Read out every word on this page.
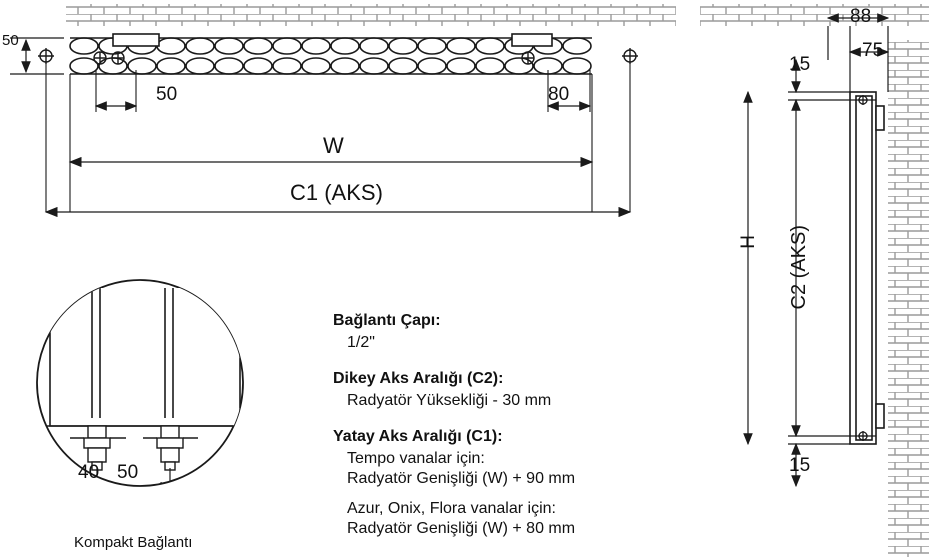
50
50	80
W
C1 (AKS)
88
75
15
H C2 (AKS)
15
40 50
Kompakt Bağlantı
Bağlantı Çapı:
1/2"
Dikey Aks Aralığı (C2):
Radyatör Yüksekliği - 30 mm
Yatay Aks Aralığı (C1):
Tempo vanalar için:
Radyatör Genişliği (W) + 90 mm
Azur, Onix, Flora vanalar için:
Radyatör Genişliği (W) + 80 mm
